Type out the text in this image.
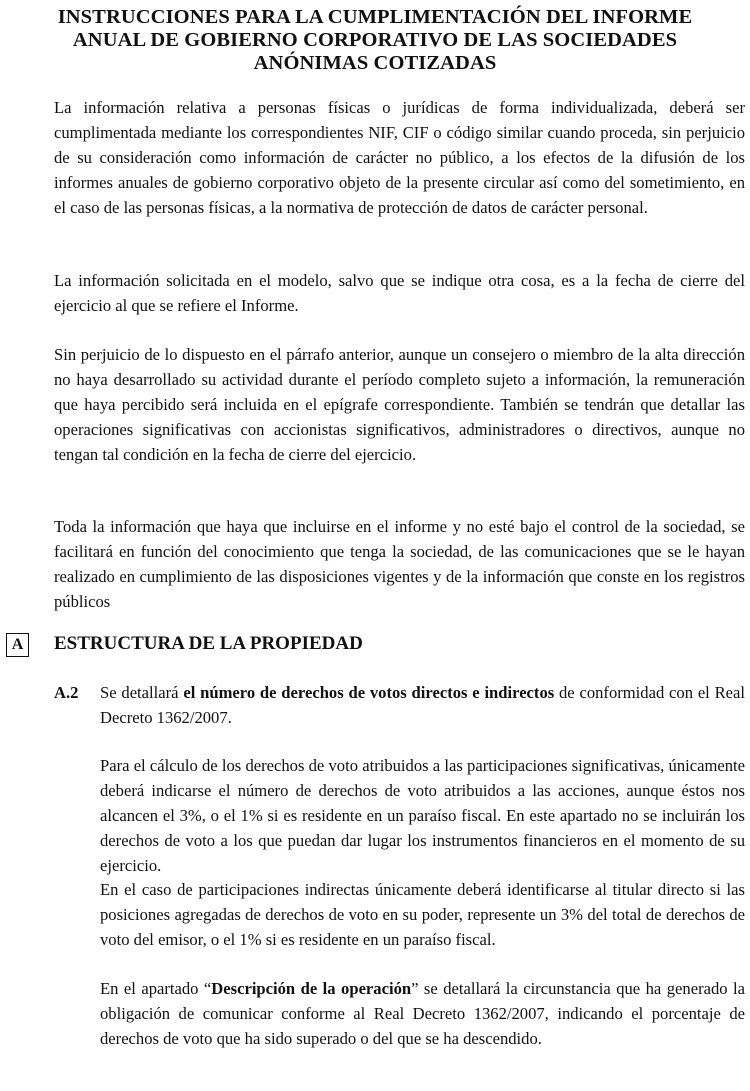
INSTRUCCIONES PARA LA CUMPLIMENTACIÓN DEL INFORME
ANUAL DE GOBIERNO CORPORATIVO DE LAS SOCIEDADES
ANÓNIMAS COTIZADAS

La información relativa a personas físicas o jurídicas de forma individualizada, deberá ser cumplimentada mediante los correspondientes NIF, CIF o código similar cuando proceda, sin perjuicio de su consideración como información de carácter no público, a los efectos de la difusión de los informes anuales de gobierno corporativo objeto de la presente circular así como del sometimiento, en el caso de las personas físicas, a la normativa de protección de datos de carácter personal.

La información solicitada en el modelo, salvo que se indique otra cosa, es a la fecha de cierre del ejercicio al que se refiere el Informe.

Sin perjuicio de lo dispuesto en el párrafo anterior, aunque un consejero o miembro de la alta dirección no haya desarrollado su actividad durante el período completo sujeto a información, la remuneración que haya percibido será incluida en el epígrafe correspondiente. También se tendrán que detallar las operaciones significativas con accionistas significativos, administradores o directivos, aunque no tengan tal condición en la fecha de cierre del ejercicio.

Toda la información que haya que incluirse en el informe y no esté bajo el control de la sociedad, se facilitará en función del conocimiento que tenga la sociedad, de las comunicaciones que se le hayan realizado en cumplimiento de las disposiciones vigentes y de la información que conste en los registros públicos

A	ESTRUCTURA DE LA PROPIEDAD
A.2 Se detallará el número de derechos de votos directos e indirectos de conformidad con el Real Decreto 1362/2007.

Para el cálculo de los derechos de voto atribuidos a las participaciones significativas, únicamente deberá indicarse el número de derechos de voto atribuidos a las acciones, aunque éstos nos alcancen el 3%, o el 1% si es residente en un paraíso fiscal. En este apartado no se incluirán los derechos de voto a los que puedan dar lugar los instrumentos financieros en el momento de su ejercicio.

En el caso de participaciones indirectas únicamente deberá identificarse al titular directo si las posiciones agregadas de derechos de voto en su poder, represente un 3% del total de derechos de voto del emisor, o el 1% si es residente en un paraíso fiscal.

En el apartado “Descripción de la operación” se detallará la circunstancia que ha generado la obligación de comunicar conforme al Real Decreto 1362/2007, indicando el porcentaje de derechos de voto que ha sido superado o del que se ha descendido.
